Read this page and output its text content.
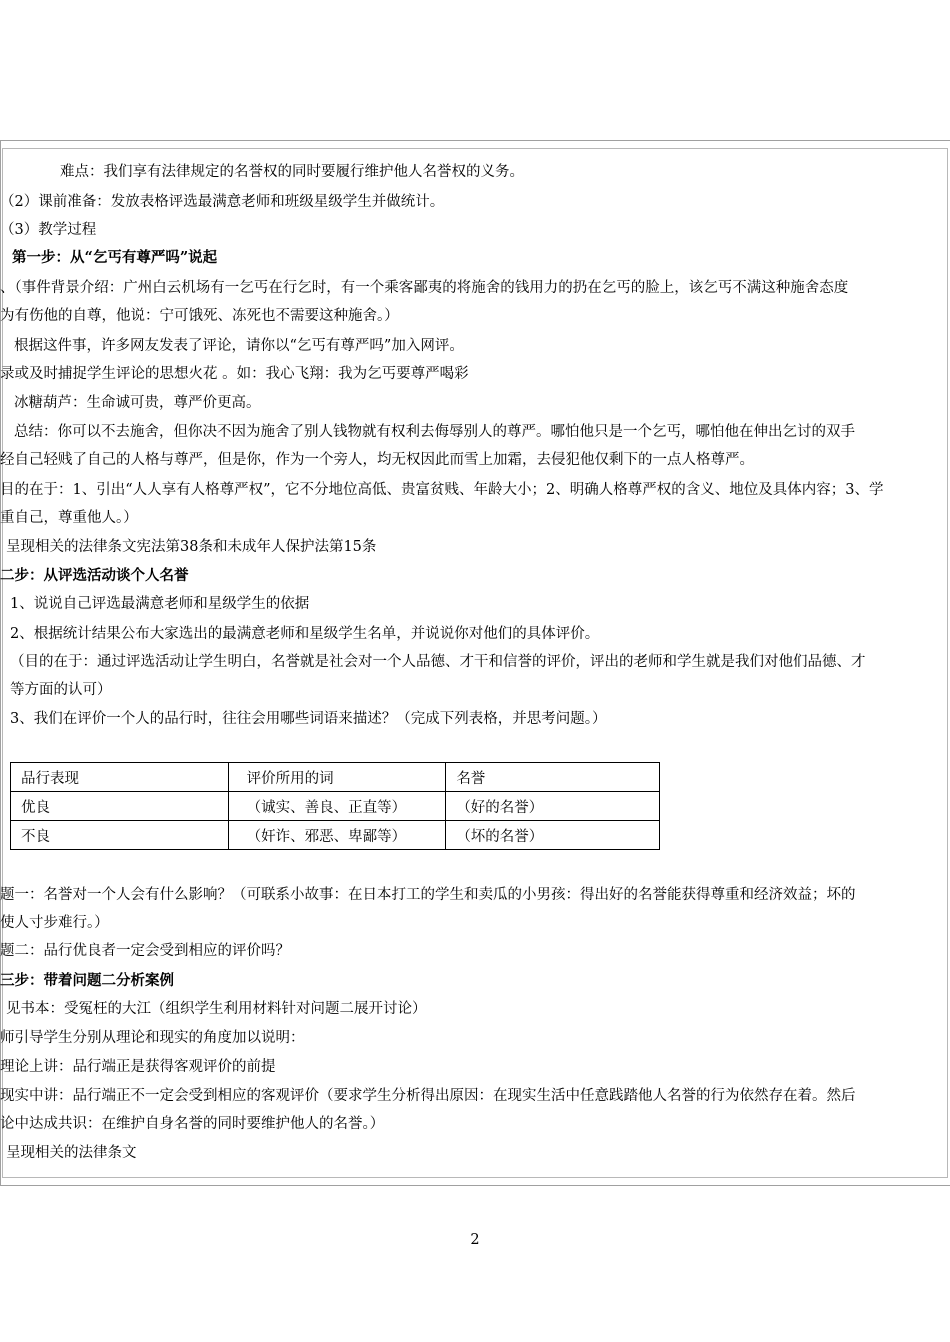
难点：我们享有法律规定的名誉权的同时要履行维护他人名誉权的义务。
（2）课前准备：发放表格评选最满意老师和班级星级学生并做统计。
（3）教学过程
第一步：从“乞丐有尊严吗”说起
、（事件背景介绍：广州白云机场有一乞丐在行乞时，有一个乘客鄙夷的将施舍的钱用力的扔在乞丐的脸上，该乞丐不满这种施舍态度
为有伤他的自尊，他说：宁可饿死、冻死也不需要这种施舍。）
根据这件事，许多网友发表了评论，请你以“乞丐有尊严吗”加入网评。
录或及时捕捉学生评论的思想火花 。如：我心飞翔：我为乞丐要尊严喝彩
冰糖葫芦：生命诚可贵，尊严价更高。
总结：你可以不去施舍，但你决不因为施舍了别人钱物就有权利去侮辱别人的尊严。哪怕他只是一个乞丐，哪怕他在伸出乞讨的双手
经自己轻贱了自己的人格与尊严，但是你，作为一个旁人，均无权因此而雪上加霜，去侵犯他仅剩下的一点人格尊严。
目的在于：1、引出“人人享有人格尊严权”，它不分地位高低、贵富贫贱、年龄大小；2、明确人格尊严权的含义、地位及具体内容；3、学
重自己，尊重他人。）
呈现相关的法律条文宪法第38条和未成年人保护法第15条
二步：从评选活动谈个人名誉
1、说说自己评选最满意老师和星级学生的依据
2、根据统计结果公布大家选出的最满意老师和星级学生名单，并说说你对他们的具体评价。
（目的在于：通过评选活动让学生明白，名誉就是社会对一个人品德、才干和信誉的评价，评出的老师和学生就是我们对他们品德、才
等方面的认可）
3、我们在评价一个人的品行时，往往会用哪些词语来描述？（完成下列表格，并思考问题。）
品行表现	评价所用的词	名誉
优良	（诚实、善良、正直等）	（好的名誉）
不良	（奸诈、邪恶、卑鄙等）	（坏的名誉）
题一：名誉对一个人会有什么影响？（可联系小故事：在日本打工的学生和卖瓜的小男孩：得出好的名誉能获得尊重和经济效益；坏的
使人寸步难行。）
题二：品行优良者一定会受到相应的评价吗？
三步：带着问题二分析案例
见书本：受冤枉的大江（组织学生利用材料针对问题二展开讨论）
师引导学生分别从理论和现实的角度加以说明：
理论上讲：品行端正是获得客观评价的前提
现实中讲：品行端正不一定会受到相应的客观评价（要求学生分析得出原因：在现实生活中任意践踏他人名誉的行为依然存在着。然后
论中达成共识：在维护自身名誉的同时要维护他人的名誉。）
呈现相关的法律条文
2
